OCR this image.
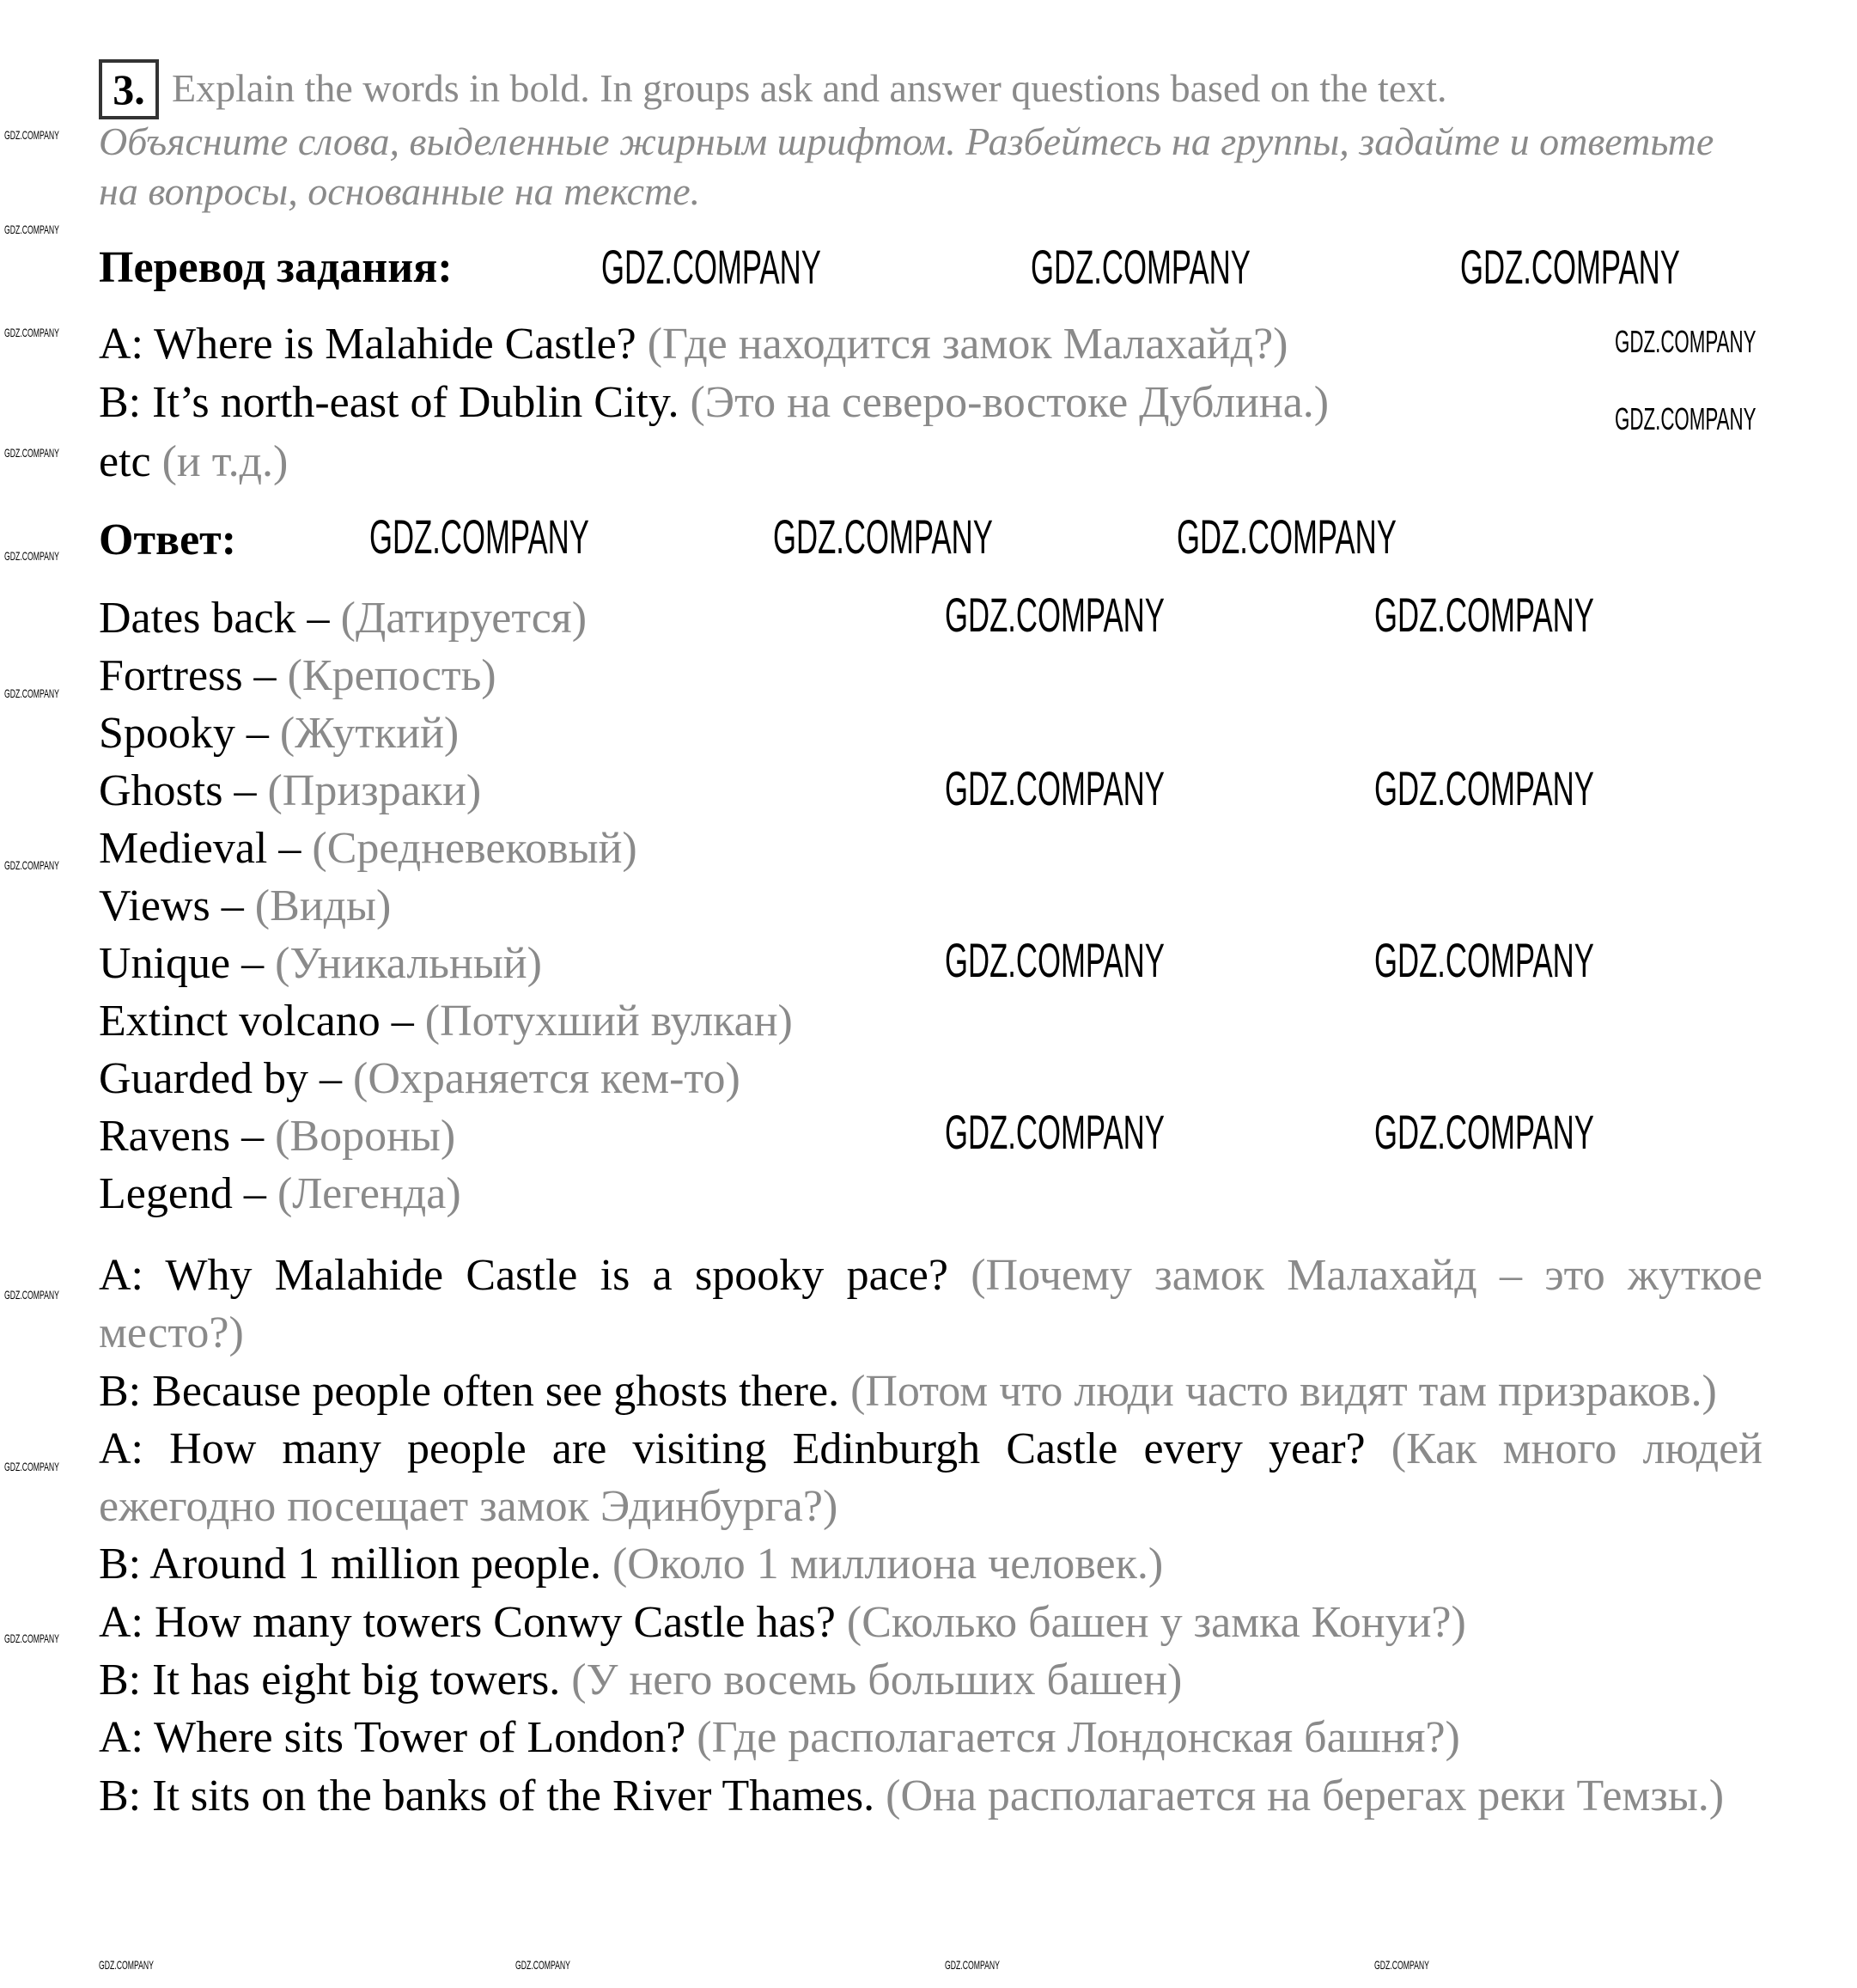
3. Explain the words in bold. In groups ask and answer questions based on the text.
Объясните слова, выделенные жирным шрифтом. Разбейтесь на группы, задайте и ответьте на вопросы, основанные на тексте.
Перевод задания:
A: Where is Malahide Castle? (Где находится замок Малахайд?)
B: It’s north-east of Dublin City. (Это на северо-востоке Дублина.)
etc (и т.д.)
Ответ:
Dates back – (Датируется)
Fortress – (Крепость)
Spooky – (Жуткий)
Ghosts – (Призраки)
Medieval – (Средневековый)
Views – (Виды)
Unique – (Уникальный)
Extinct volcano – (Потухший вулкан)
Guarded by – (Охраняется кем-то)
Ravens – (Вороны)
Legend – (Легенда)

A: Why Malahide Castle is a spooky pace? (Почему замок Малахайд – это жуткое место?)

B: Because people often see ghosts there. (Потом что люди часто видят там призраков.)

A: How many people are visiting Edinburgh Castle every year? (Как много людей ежегодно посещает замок Эдинбурга?)

B: Around 1 million people. (Около 1 миллиона человек.)

A: How many towers Conwy Castle has? (Сколько башен у замка Конуи?)

B: It has eight big towers. (У него восемь больших башен)

A: Where sits Tower of London? (Где располагается Лондонская башня?)

B: It sits on the banks of the River Thames. (Она располагается на берегах реки Темзы.)

GDZ.COMPANY	GDZ.COMPANY	GDZ.COMPANY
GDZ.COMPANY	GDZ.COMPANY	GDZ.COMPANY
GDZ.COMPANY	GDZ.COMPANY
GDZ.COMPANY	GDZ.COMPANY
GDZ.COMPANY	GDZ.COMPANY
GDZ.COMPANY	GDZ.COMPANY
GDZ.COMPANY
GDZ.COMPANY
GDZ.COMPANY
GDZ.COMPANY
GDZ.COMPANY
GDZ.COMPANY
GDZ.COMPANY
GDZ.COMPANY
GDZ.COMPANY
GDZ.COMPANY
GDZ.COMPANY
GDZ.COMPANY
GDZ.COMPANY	GDZ.COMPANY	GDZ.COMPANY	GDZ.COMPANY
